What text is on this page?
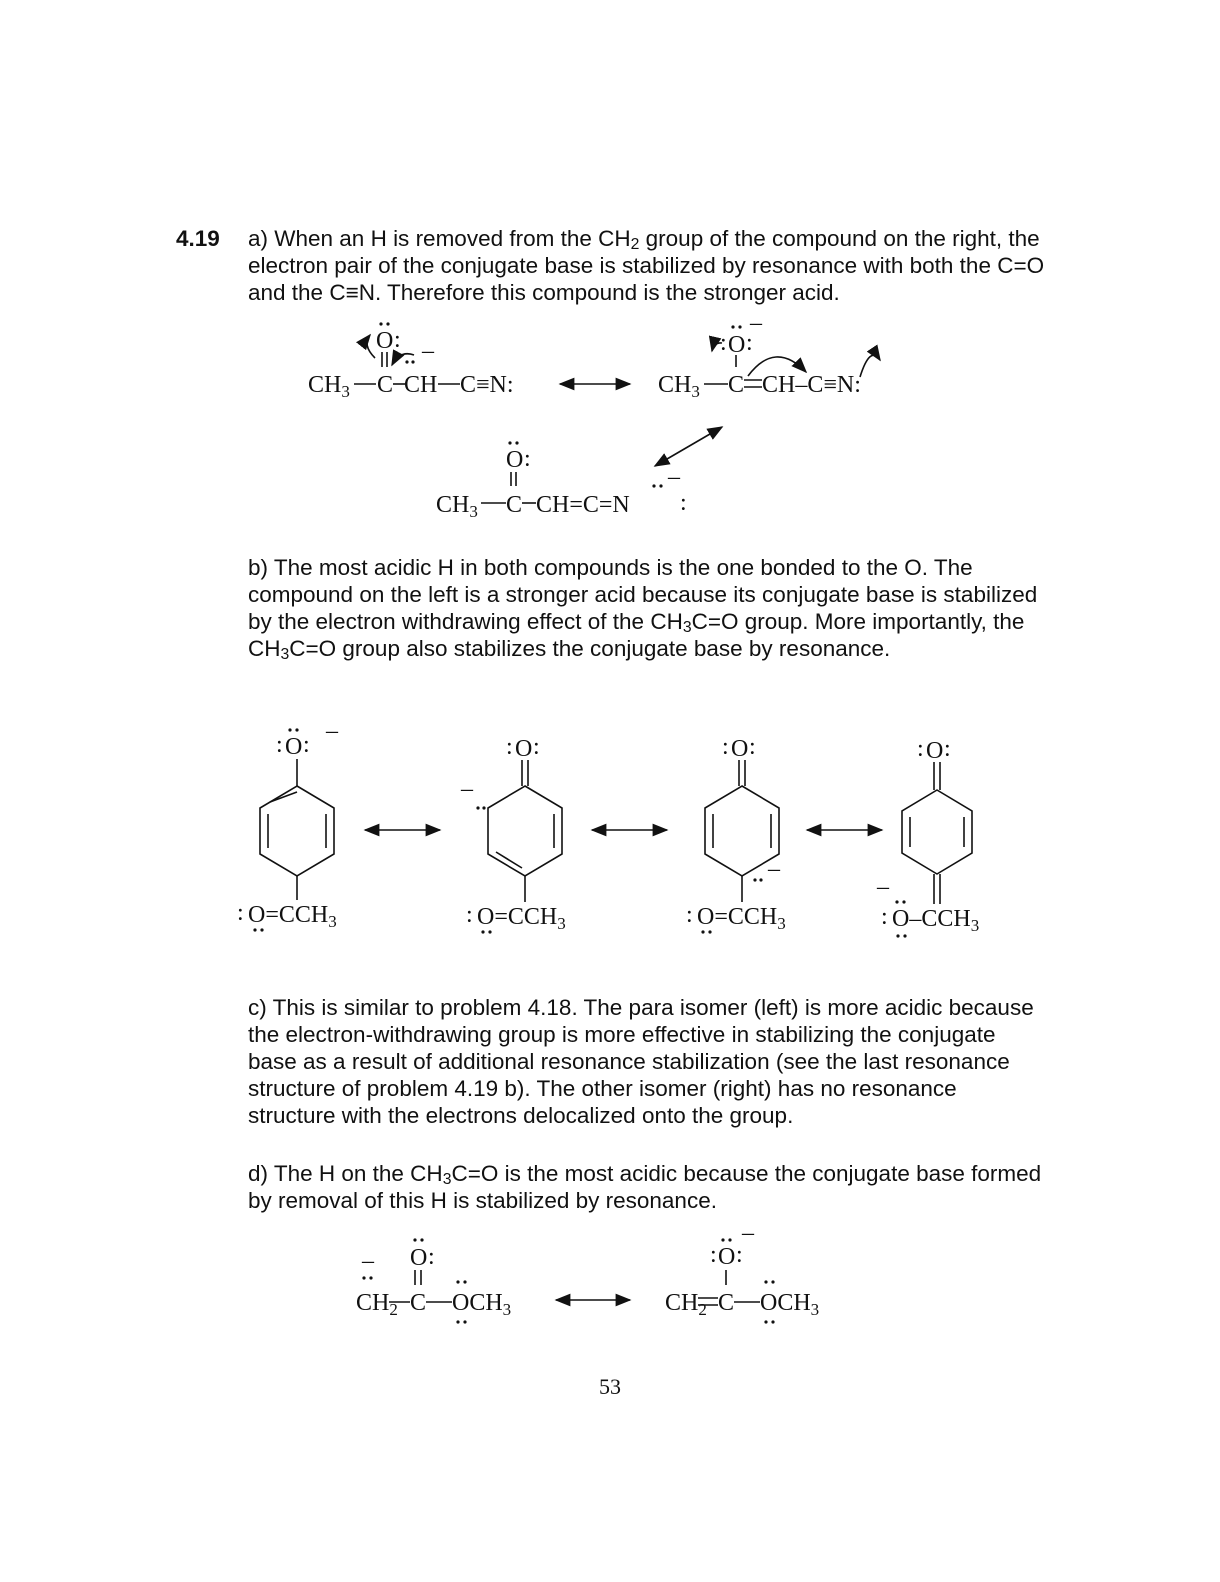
4.19 a) When an H is removed from the $CH_2$ group of the compound on the right, the electron pair of the conjugate base is stabilized by resonance with both the C=O and the C≡N. Therefore this compound is the stronger acid.
b) The most acidic H in both compounds is the one bonded to the O. The compound on the left is a stronger acid because its conjugate base is stabilized by the electron withdrawing effect of the $CH_3C=O$ group. More importantly, the $CH_3C=O$ group also stabilizes the conjugate base by resonance.
c) This is similar to problem 4.18. The para isomer (left) is more acidic because the electron-withdrawing group is more effective in stabilizing the conjugate base as a result of additional resonance stabilization (see the last resonance structure of problem 4.19 b). The other isomer (right) has no resonance structure with the electrons delocalized onto the group.
d) The H on the $CH_3C=O$ is the most acidic because the conjugate base formed by removal of this H is stabilized by resonance.
53
$CH_3$ C CH C≡N:
O : –
$CH_3$ C CH–C≡N:
: O :
–
$CH_3$ C CH=C=N :
O :
–
: O :
–
: $O=CCH_3$
: O :
–
: $O=CCH_3$
: O :
–
: $O=CCH_3$
: O :
–
: $O-CCH_3$
$CH_2$ C $OCH_3$
O :
–
$CH_2$ C $OCH_3$
: O :
–
